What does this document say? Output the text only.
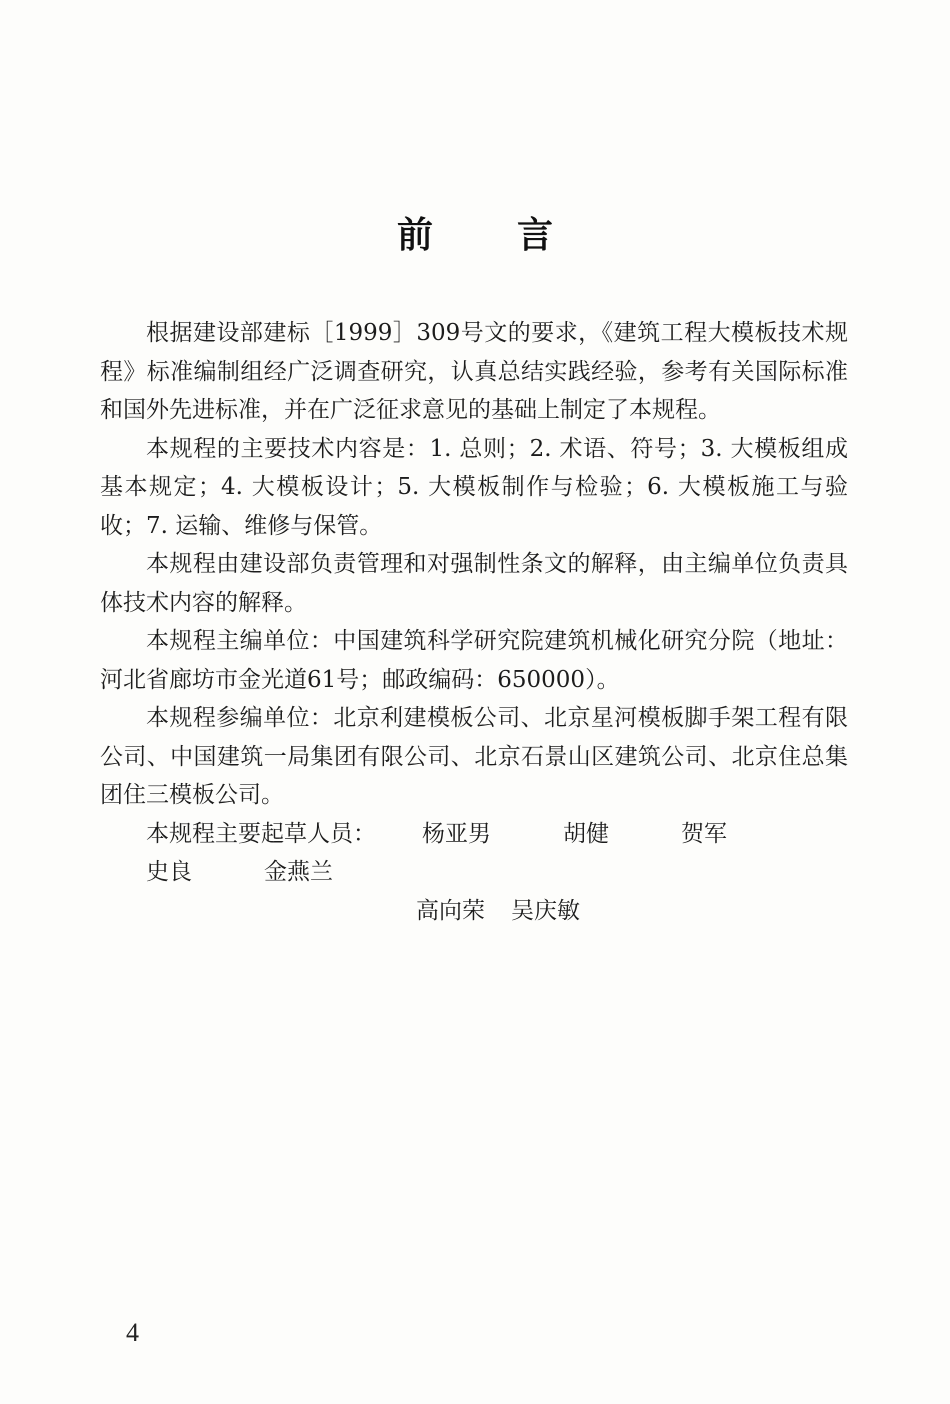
前言

根据建设部建标［1999］309号文的要求，《建筑工程大模板技术规程》标准编制组经广泛调查研究，认真总结实践经验，参考有关国际标准和国外先进标准，并在广泛征求意见的基础上制定了本规程。

本规程的主要技术内容是：1. 总则；2. 术语、符号；3. 大模板组成基本规定；4. 大模板设计；5. 大模板制作与检验；6. 大模板施工与验收；7. 运输、维修与保管。

本规程由建设部负责管理和对强制性条文的解释，由主编单位负责具体技术内容的解释。

本规程主编单位：中国建筑科学研究院建筑机械化研究分院（地址：河北省廊坊市金光道61号；邮政编码：650000）。

本规程参编单位：北京利建模板公司、北京星河模板脚手架工程有限公司、中国建筑一局集团有限公司、北京石景山区建筑公司、北京住总集团住三模板公司。

本规程主要起草人员： 杨亚男	胡健	贺军史良	金燕兰

高向荣 吴庆敏

4
